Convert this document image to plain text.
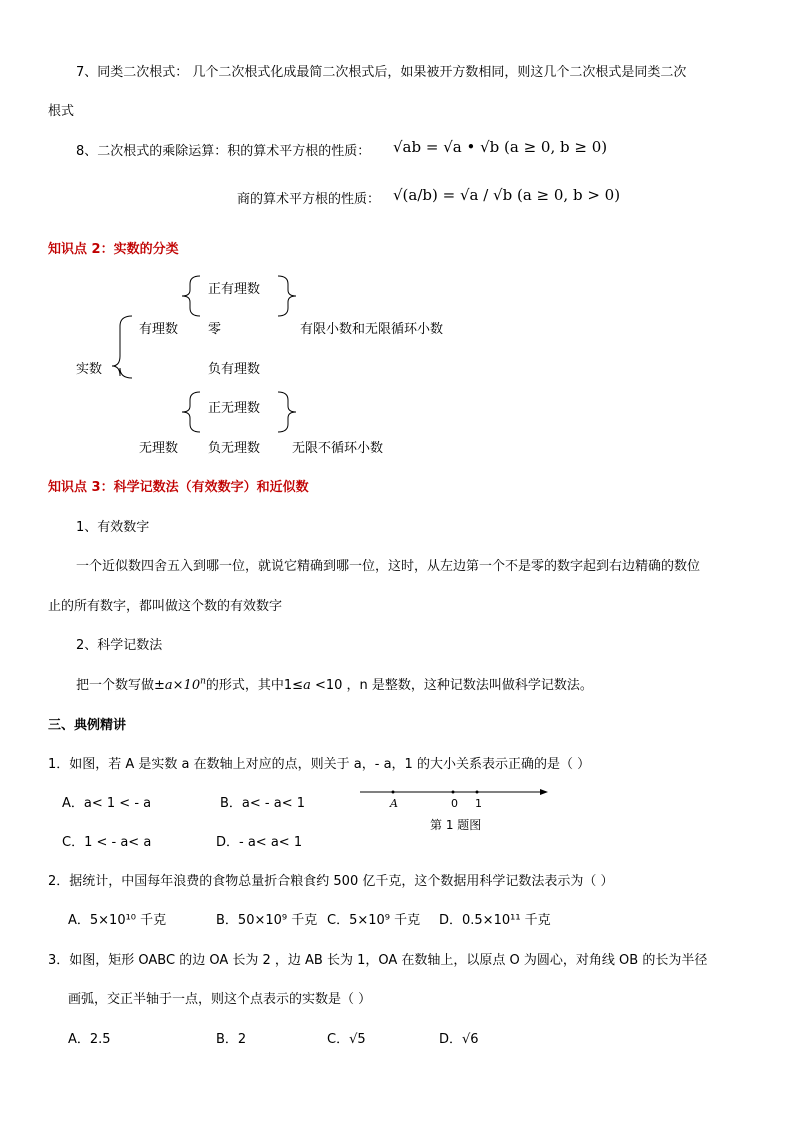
7、同类二次根式： 几个二次根式化成最简二次根式后，如果被开方数相同，则这几个二次根式是同类二次
根式
8、二次根式的乘除运算：积的算术平方根的性质： √ab = √a • √b (a ≥ 0, b ≥ 0)
商的算术平方根的性质： √(a/b) = √a / √b (a ≥ 0, b > 0)
知识点 2：实数的分类
正有理数
有理数 零	有限小数和无限循环小数
实数	负有理数
正无理数
无理数 负无理数 无限不循环小数
知识点 3：科学记数法（有效数字）和近似数
1、有效数字
一个近似数四舍五入到哪一位，就说它精确到哪一位，这时，从左边第一个不是零的数字起到右边精确的数位
止的所有数字，都叫做这个数的有效数字
2、科学记数法
把一个数写做$\pm a\times 10^n$的形式，其中1≤a <10 ，n 是整数，这种记数法叫做科学记数法。
三、典例精讲
1．如图，若 A 是实数 a 在数轴上对应的点，则关于 a，- a，1 的大小关系表示正确的是（ ）
A．a< 1 < - a	B．a< - a< 1
C．1 < - a< a	D．- a< a< 1
A	0 1
第 1 题图
2．据统计，中国每年浪费的食物总量折合粮食约 500 亿千克，这个数据用科学记数法表示为（ ）
A．5×10¹⁰ 千克	B．50×10⁹ 千克 C．5×10⁹ 千克 D．0.5×10¹¹ 千克
3．如图，矩形 OABC 的边 OA 长为 2 ，边 AB 长为 1，OA 在数轴上，以原点 O 为圆心，对角线 OB 的长为半径
画弧，交正半轴于一点，则这个点表示的实数是（ ）
A．2.5	B．2	C．√5	D．√6
